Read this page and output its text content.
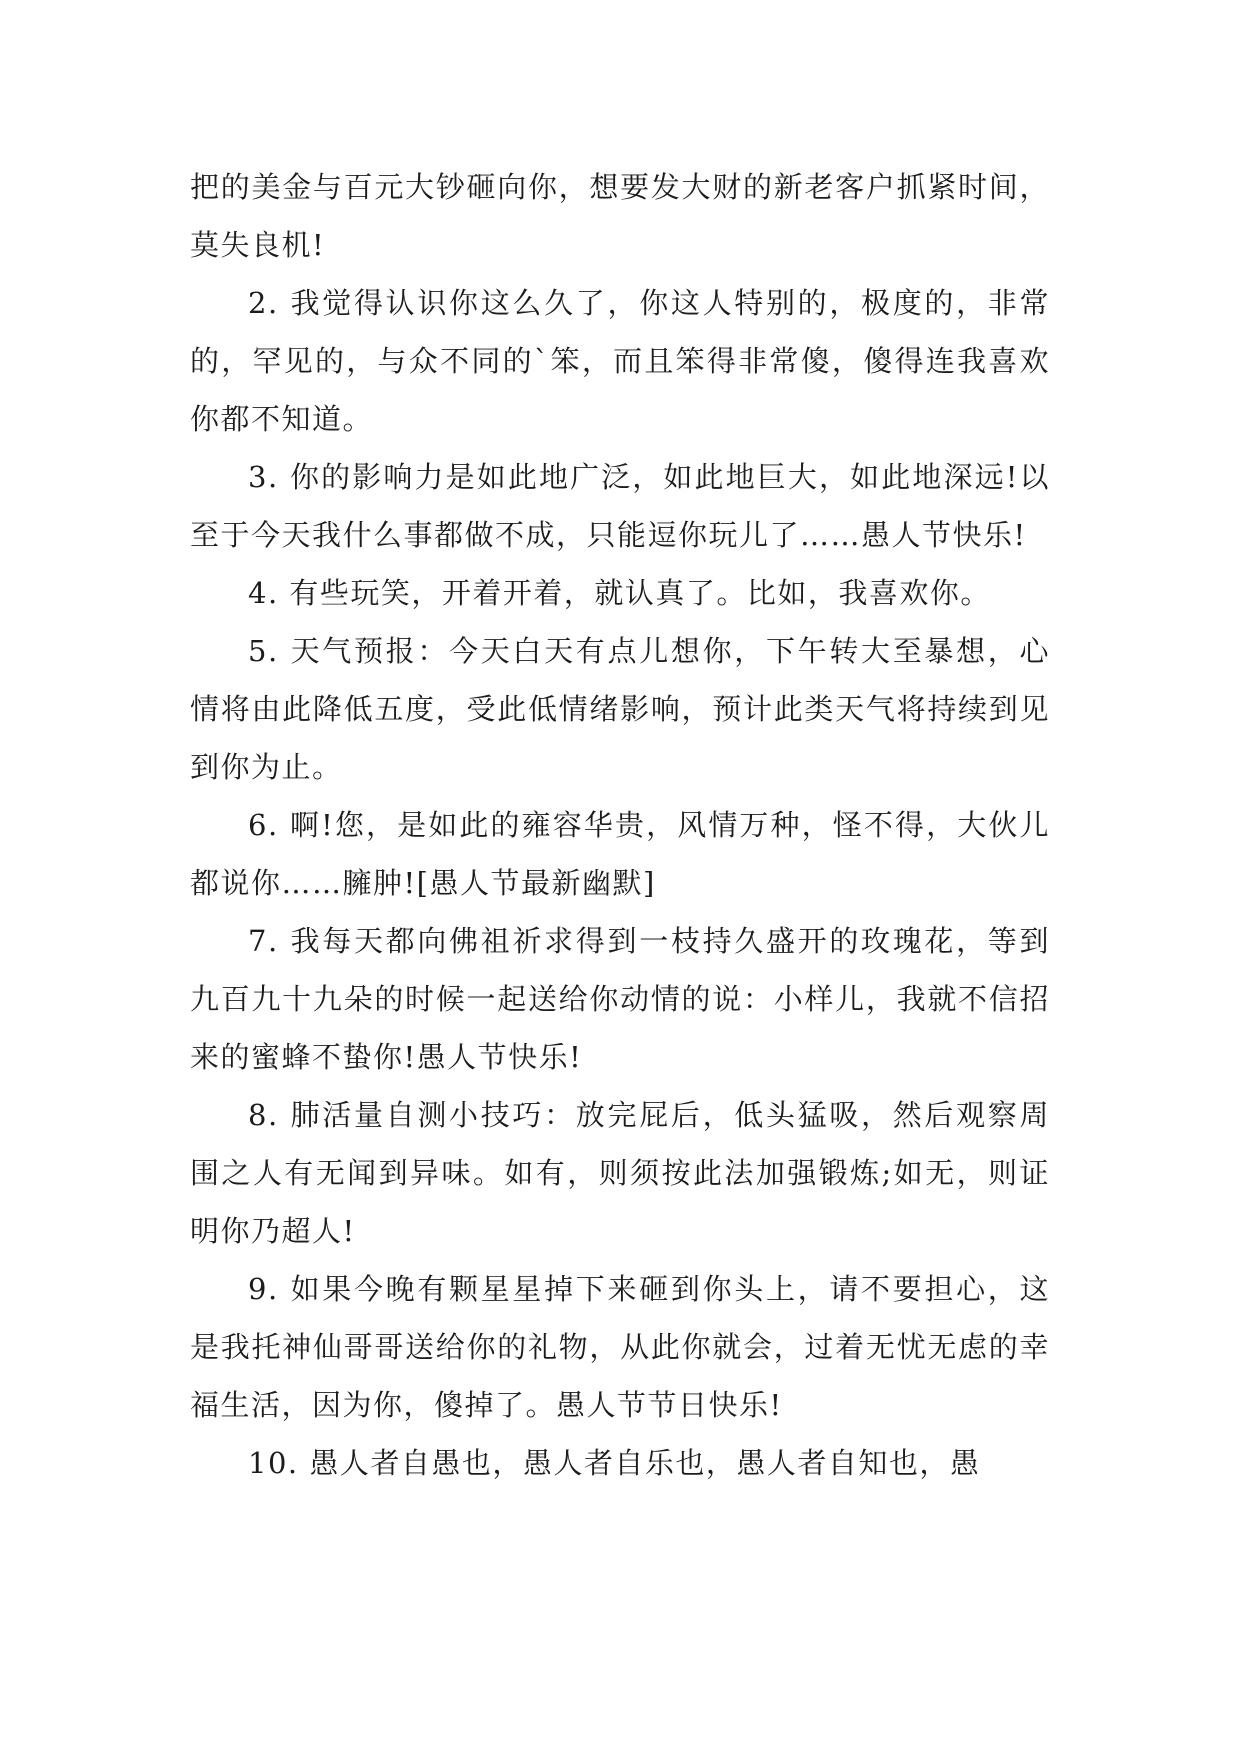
把的美金与百元大钞砸向你，想要发大财的新老客户抓紧时间，莫失良机!

2. 我觉得认识你这么久了，你这人特别的，极度的，非常的，罕见的，与众不同的`笨，而且笨得非常傻，傻得连我喜欢你都不知道。

3. 你的影响力是如此地广泛，如此地巨大，如此地深远!以至于今天我什么事都做不成，只能逗你玩儿了……愚人节快乐!

4. 有些玩笑，开着开着，就认真了。比如，我喜欢你。

5. 天气预报：今天白天有点儿想你，下午转大至暴想，心情将由此降低五度，受此低情绪影响，预计此类天气将持续到见到你为止。

6. 啊!您，是如此的雍容华贵，风情万种，怪不得，大伙儿都说你……臃肿![愚人节最新幽默]

7. 我每天都向佛祖祈求得到一枝持久盛开的玫瑰花，等到九百九十九朵的时候一起送给你动情的说：小样儿，我就不信招来的蜜蜂不蛰你!愚人节快乐!

8. 肺活量自测小技巧：放完屁后，低头猛吸，然后观察周围之人有无闻到异味。如有，则须按此法加强锻炼;如无，则证明你乃超人!

9. 如果今晚有颗星星掉下来砸到你头上，请不要担心，这是我托神仙哥哥送给你的礼物，从此你就会，过着无忧无虑的幸福生活，因为你，傻掉了。愚人节节日快乐!

10. 愚人者自愚也，愚人者自乐也，愚人者自知也，愚
